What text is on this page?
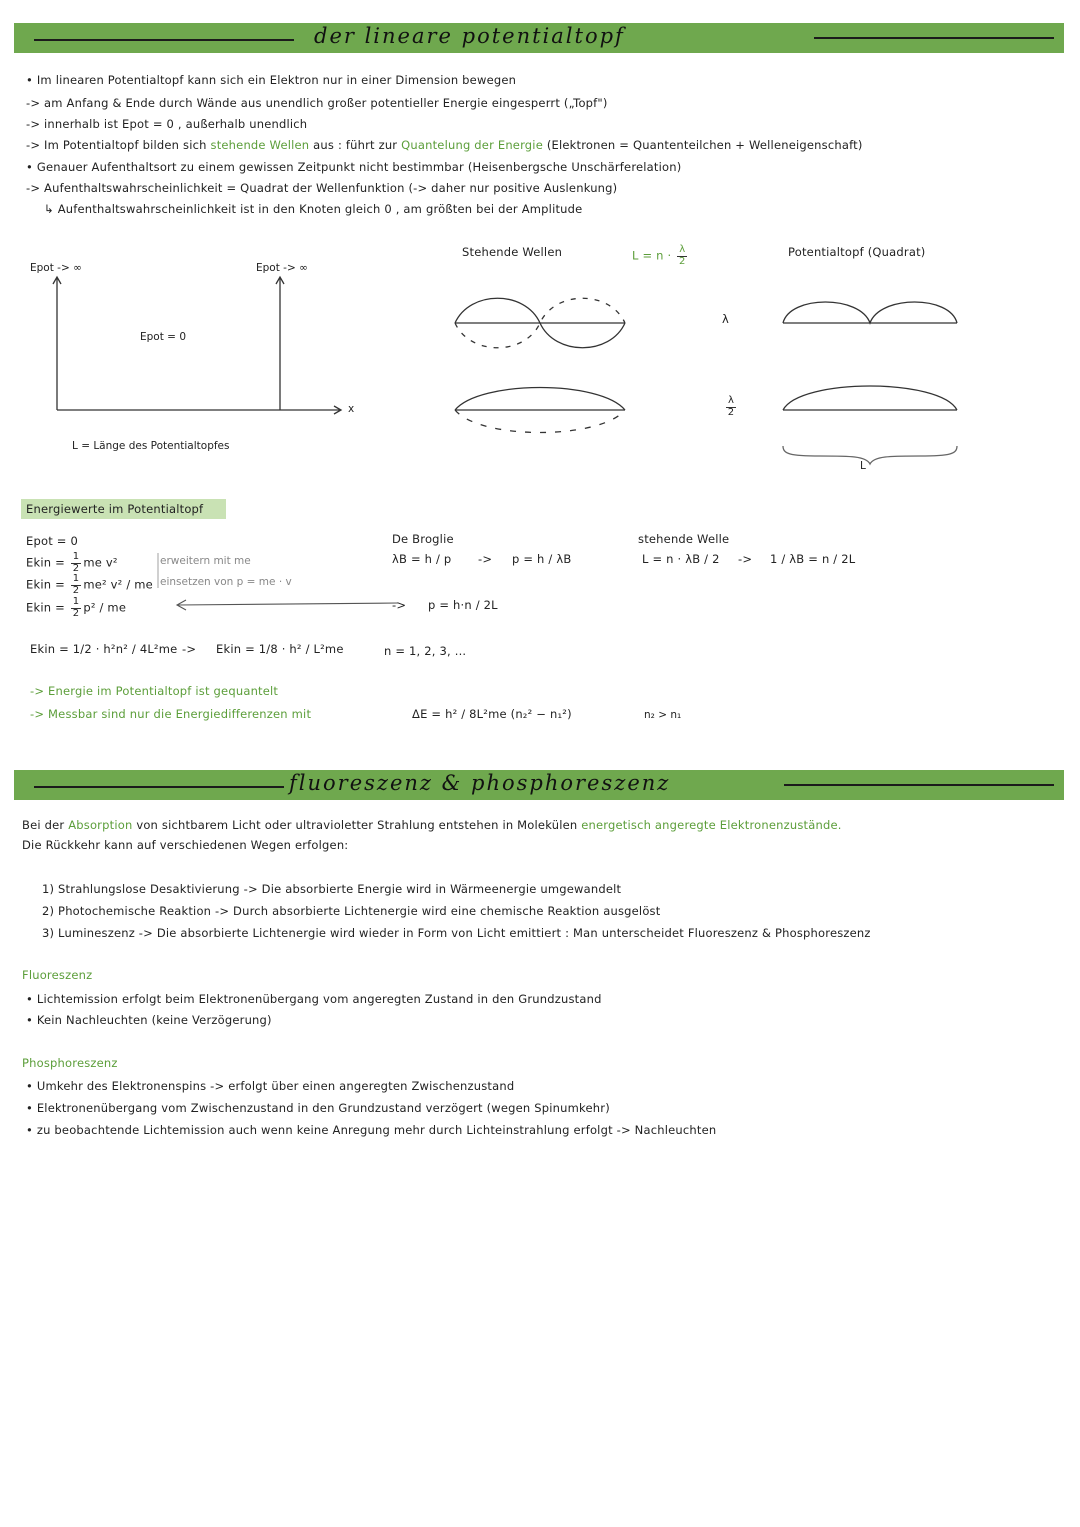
der lineare potentialtopf
• Im linearen Potentialtopf kann sich ein Elektron nur in einer Dimension bewegen
-> am Anfang & Ende durch Wände aus unendlich großer potentieller Energie eingesperrt („Topf")
-> innerhalb ist Epot = 0 , außerhalb unendlich
-> Im Potentialtopf bilden sich stehende Wellen aus : führt zur Quantelung der Energie (Elektronen = Quantenteilchen + Welleneigenschaft)
• Genauer Aufenthaltsort zu einem gewissen Zeitpunkt nicht bestimmbar (Heisenbergsche Unschärferelation)
-> Aufenthaltswahrscheinlichkeit = Quadrat der Wellenfunktion (-> daher nur positive Auslenkung)
↳ Aufenthaltswahrscheinlichkeit ist in den Knoten gleich 0 , am größten bei der Amplitude
Epot -> ∞	Epot -> ∞
Epot = 0
x
L = Länge des Potentialtopfes
Stehende Wellen	$L = n \cdot \frac{\lambda}{2}$	Potentialtopf (Quadrat)
λ
$\frac{\lambda}{2}$
L
Energiewerte im Potentialtopf
Epot = 0
Ekin = $\frac{1}{2}$ me v²
Ekin = $\frac{1}{2} me^2$ v² / me
Ekin = $\frac{1}{2} p^2$ / me
erweitern mit me
einsetzen von p = me · v
De Broglie
λB = h / p -> p = h / λB
-> p = h·n / 2L
stehende Welle
L = n · λB / 2 -> 1 / λB = n / 2L
Ekin = 1/2 · h²n² / 4L²me -> Ekin = 1/8 · h² / L²me	n = 1, 2, 3, ...
-> Energie im Potentialtopf ist gequantelt
-> Messbar sind nur die Energiedifferenzen mit	ΔE = h² / 8L²me (n₂² − n₁²)	n₂ > n₁
fluoreszenz & phosphoreszenz
Bei der Absorption von sichtbarem Licht oder ultravioletter Strahlung entstehen in Molekülen energetisch angeregte Elektronenzustände.
Die Rückkehr kann auf verschiedenen Wegen erfolgen:
1) Strahlungslose Desaktivierung -> Die absorbierte Energie wird in Wärmeenergie umgewandelt
2) Photochemische Reaktion -> Durch absorbierte Lichtenergie wird eine chemische Reaktion ausgelöst
3) Lumineszenz -> Die absorbierte Lichtenergie wird wieder in Form von Licht emittiert : Man unterscheidet Fluoreszenz & Phosphoreszenz
Fluoreszenz
• Lichtemission erfolgt beim Elektronenübergang vom angeregten Zustand in den Grundzustand
• Kein Nachleuchten (keine Verzögerung)
Phosphoreszenz
• Umkehr des Elektronenspins -> erfolgt über einen angeregten Zwischenzustand
• Elektronenübergang vom Zwischenzustand in den Grundzustand verzögert (wegen Spinumkehr)
• zu beobachtende Lichtemission auch wenn keine Anregung mehr durch Lichteinstrahlung erfolgt -> Nachleuchten
